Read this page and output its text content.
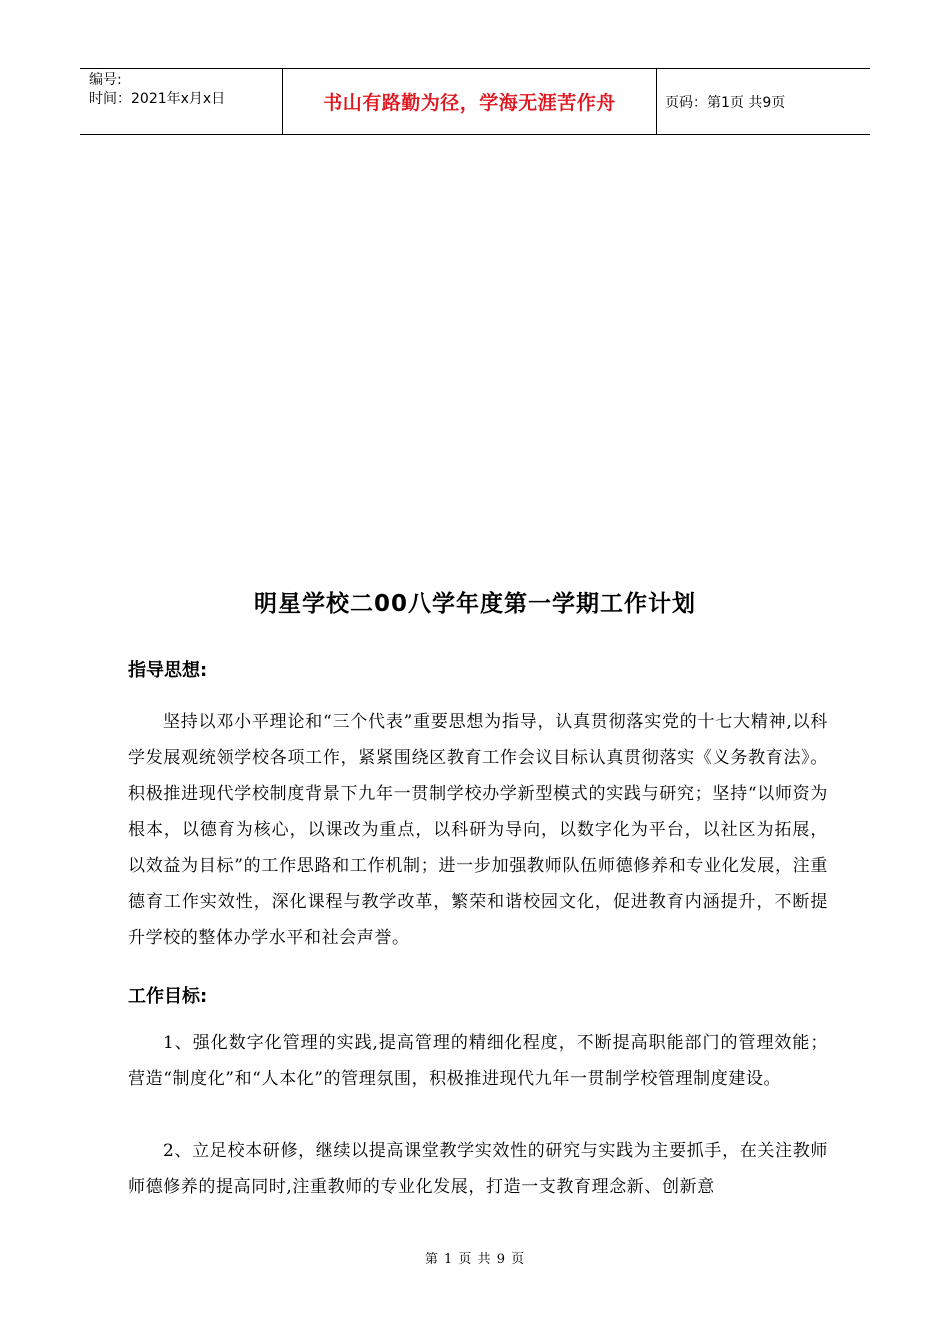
编号:
时间：2021年x月x日	书山有路勤为径，学海无涯苦作舟	页码：第1页 共9页
明星学校二00八学年度第一学期工作计划
指导思想:

坚持以邓小平理论和“三个代表”重要思想为指导，认真贯彻落实党的十七大精神,以科学发展观统领学校各项工作，紧紧围绕区教育工作会议目标认真贯彻落实《义务教育法》。积极推进现代学校制度背景下九年一贯制学校办学新型模式的实践与研究；坚持“以师资为根本，以德育为核心，以课改为重点，以科研为导向，以数字化为平台，以社区为拓展，以效益为目标”的工作思路和工作机制；进一步加强教师队伍师德修养和专业化发展，注重德育工作实效性，深化课程与教学改革，繁荣和谐校园文化，促进教育内涵提升，不断提升学校的整体办学水平和社会声誉。

工作目标:

1、强化数字化管理的实践,提高管理的精细化程度，不断提高职能部门的管理效能；营造“制度化”和“人本化”的管理氛围，积极推进现代九年一贯制学校管理制度建设。

2、立足校本研修，继续以提高课堂教学实效性的研究与实践为主要抓手，在关注教师师德修养的提高同时,注重教师的专业化发展，打造一支教育理念新、创新意

第 1 页 共 9 页
